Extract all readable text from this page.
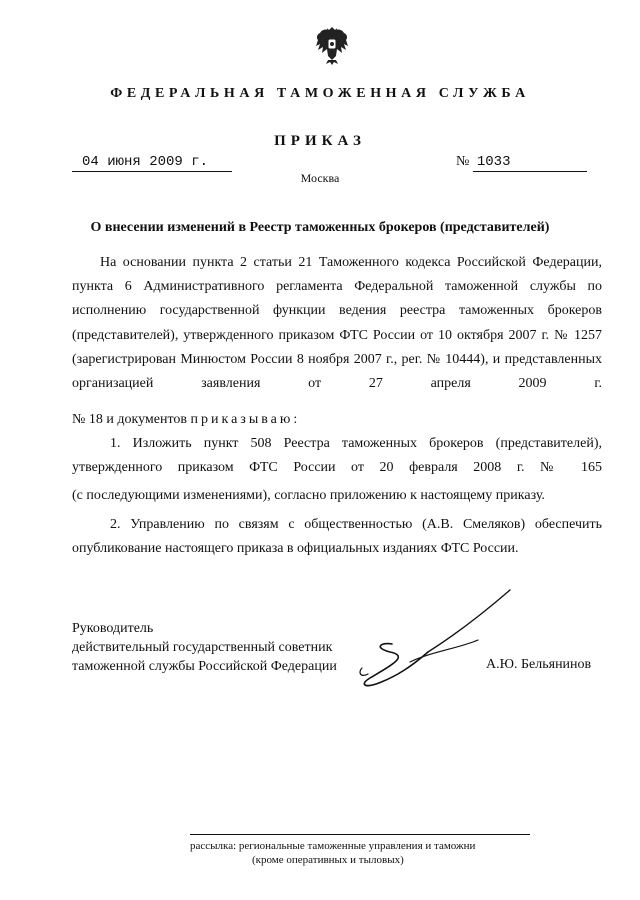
ФЕДЕРАЛЬНАЯ ТАМОЖЕННАЯ СЛУЖБА
ПРИКАЗ
04 июня 2009 г.	№ 1033
Москва
О внесении изменений в Реестр таможенных брокеров (представителей)
На основании пункта 2 статьи 21 Таможенного кодекса Российской Федерации, пункта 6 Административного регламента Федеральной таможенной службы по исполнению государственной функции ведения реестра таможенных брокеров (представителей), утвержденного приказом ФТС России от 10 октября 2007 г. № 1257 (зарегистрирован Минюстом России 8 ноября 2007 г., рег. № 10444), и представленных организацией заявления от 27 апреля 2009 г.
№ 18 и документов приказываю:
1. Изложить пункт 508 Реестра таможенных брокеров (представителей), утвержденного приказом ФТС России от 20 февраля 2008 г. № 165
(с последующими изменениями), согласно приложению к настоящему приказу.
2. Управлению по связям с общественностью (А.В. Смеляков) обеспечить
опубликование настоящего приказа в официальных изданиях ФТС России.
Руководитель
действительный государственный советник
таможенной службы Российской Федерации	А.Ю. Бельянинов
рассылка: региональные таможенные управления и таможни
(кроме оперативных и тыловых)
